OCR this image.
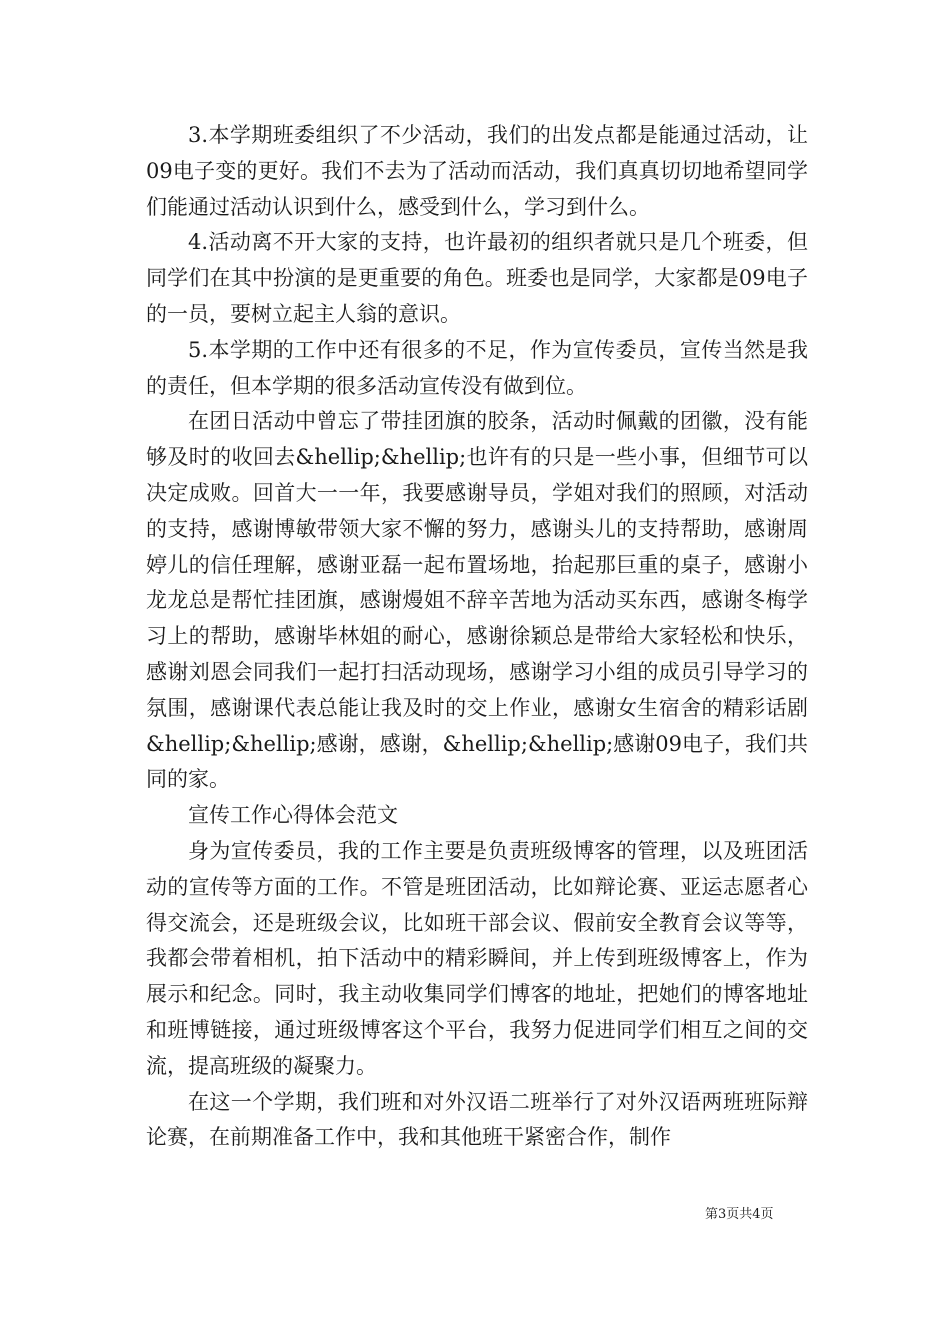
3.本学期班委组织了不少活动，我们的出发点都是能通过活动，让09电子变的更好。我们不去为了活动而活动，我们真真切切地希望同学们能通过活动认识到什么，感受到什么，学习到什么。

4.活动离不开大家的支持，也许最初的组织者就只是几个班委，但同学们在其中扮演的是更重要的角色。班委也是同学，大家都是09电子的一员，要树立起主人翁的意识。

5.本学期的工作中还有很多的不足，作为宣传委员，宣传当然是我的责任，但本学期的很多活动宣传没有做到位。

在团日活动中曾忘了带挂团旗的胶条，活动时佩戴的团徽，没有能够及时的收回去&hellip;&hellip;也许有的只是一些小事，但细节可以决定成败。回首大一一年，我要感谢导员，学姐对我们的照顾，对活动的支持，感谢博敏带领大家不懈的努力，感谢头儿的支持帮助，感谢周婷儿的信任理解，感谢亚磊一起布置场地，抬起那巨重的桌子，感谢小龙龙总是帮忙挂团旗，感谢熳姐不辞辛苦地为活动买东西，感谢冬梅学习上的帮助，感谢毕林姐的耐心，感谢徐颖总是带给大家轻松和快乐，感谢刘恩会同我们一起打扫活动现场，感谢学习小组的成员引导学习的氛围，感谢课代表总能让我及时的交上作业，感谢女生宿舍的精彩话剧&hellip;&hellip;感谢，感谢，&hellip;&hellip;感谢09电子，我们共同的家。

宣传工作心得体会范文

身为宣传委员，我的工作主要是负责班级博客的管理，以及班团活动的宣传等方面的工作。不管是班团活动，比如辩论赛、亚运志愿者心得交流会，还是班级会议，比如班干部会议、假前安全教育会议等等，我都会带着相机，拍下活动中的精彩瞬间，并上传到班级博客上，作为展示和纪念。同时，我主动收集同学们博客的地址，把她们的博客地址和班博链接，通过班级博客这个平台，我努力促进同学们相互之间的交流，提高班级的凝聚力。

在这一个学期，我们班和对外汉语二班举行了对外汉语两班班际辩论赛，在前期准备工作中，我和其他班干紧密合作，制作

第3页共4页
